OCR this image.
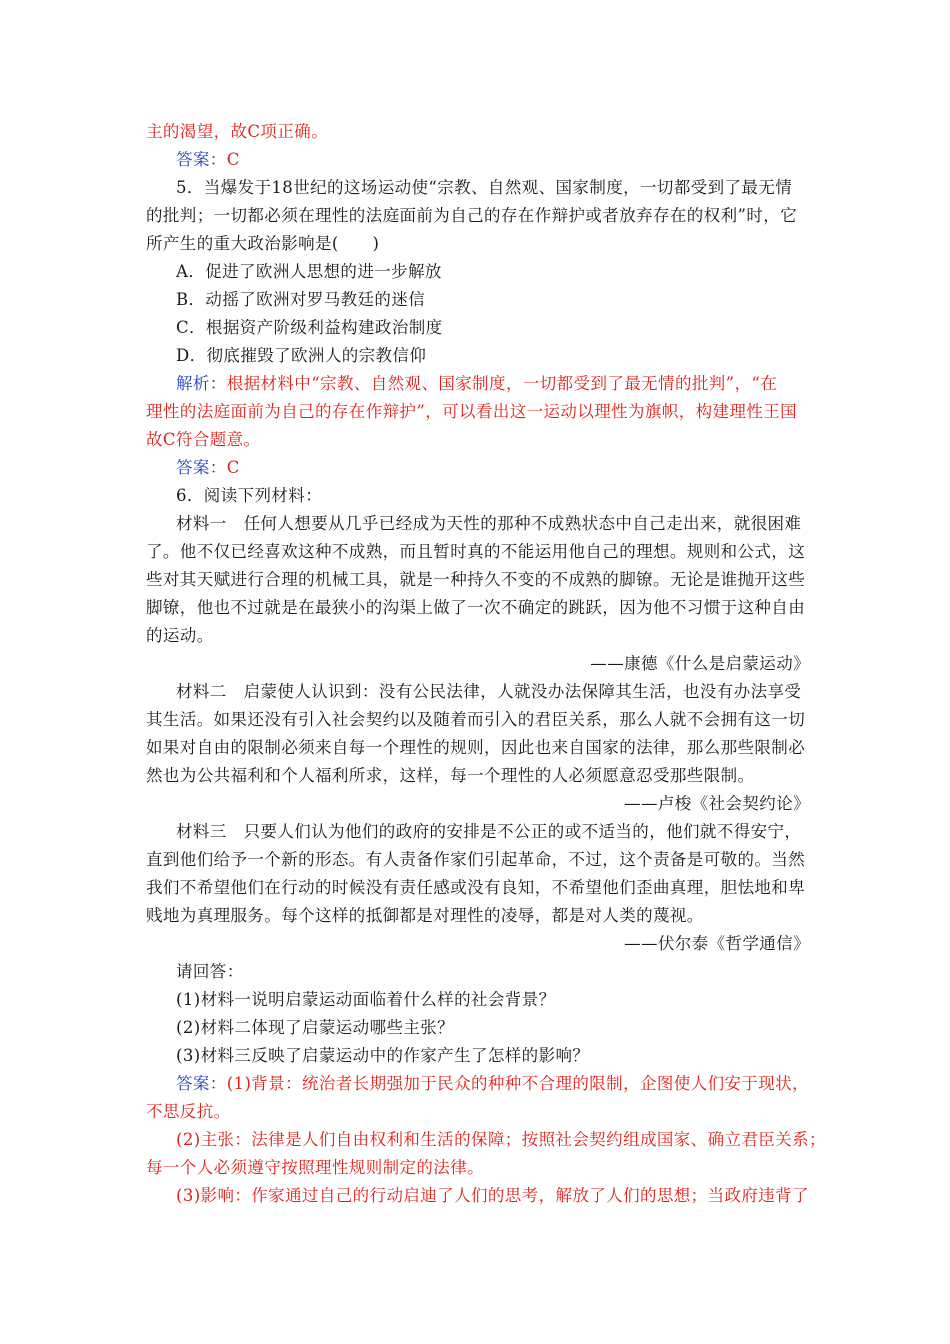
主的渴望，故C项正确。
答案：C
5．当爆发于18世纪的这场运动使“宗教、自然观、国家制度，一切都受到了最无情
的批判；一切都必须在理性的法庭面前为自己的存在作辩护或者放弃存在的权利”时，它
所产生的重大政治影响是(　　)
A．促进了欧洲人思想的进一步解放
B．动摇了欧洲对罗马教廷的迷信
C．根据资产阶级利益构建政治制度
D．彻底摧毁了欧洲人的宗教信仰
解析：根据材料中“宗教、自然观、国家制度，一切都受到了最无情的批判”，“在
理性的法庭面前为自己的存在作辩护”，可以看出这一运动以理性为旗帜，构建理性王国
故C符合题意。
答案：C
6．阅读下列材料：
材料一　任何人想要从几乎已经成为天性的那种不成熟状态中自己走出来，就很困难
了。他不仅已经喜欢这种不成熟，而且暂时真的不能运用他自己的理想。规则和公式，这
些对其天赋进行合理的机械工具，就是一种持久不变的不成熟的脚镣。无论是谁抛开这些
脚镣，他也不过就是在最狭小的沟渠上做了一次不确定的跳跃，因为他不习惯于这种自由
的运动。
——康德《什么是启蒙运动》
材料二　启蒙使人认识到：没有公民法律，人就没办法保障其生活，也没有办法享受
其生活。如果还没有引入社会契约以及随着而引入的君臣关系，那么人就不会拥有这一切
如果对自由的限制必须来自每一个理性的规则，因此也来自国家的法律，那么那些限制必
然也为公共福利和个人福利所求，这样，每一个理性的人必须愿意忍受那些限制。
——卢梭《社会契约论》
材料三　只要人们认为他们的政府的安排是不公正的或不适当的，他们就不得安宁，
直到他们给予一个新的形态。有人责备作家们引起革命，不过，这个责备是可敬的。当然
我们不希望他们在行动的时候没有责任感或没有良知，不希望他们歪曲真理，胆怯地和卑
贱地为真理服务。每个这样的抵御都是对理性的凌辱，都是对人类的蔑视。
——伏尔泰《哲学通信》
请回答：
(1)材料一说明启蒙运动面临着什么样的社会背景？
(2)材料二体现了启蒙运动哪些主张？
(3)材料三反映了启蒙运动中的作家产生了怎样的影响？
答案：(1)背景：统治者长期强加于民众的种种不合理的限制，企图使人们安于现状，
不思反抗。
(2)主张：法律是人们自由权利和生活的保障；按照社会契约组成国家、确立君臣关系；
每一个人必须遵守按照理性规则制定的法律。
(3)影响：作家通过自己的行动启迪了人们的思考，解放了人们的思想；当政府违背了
